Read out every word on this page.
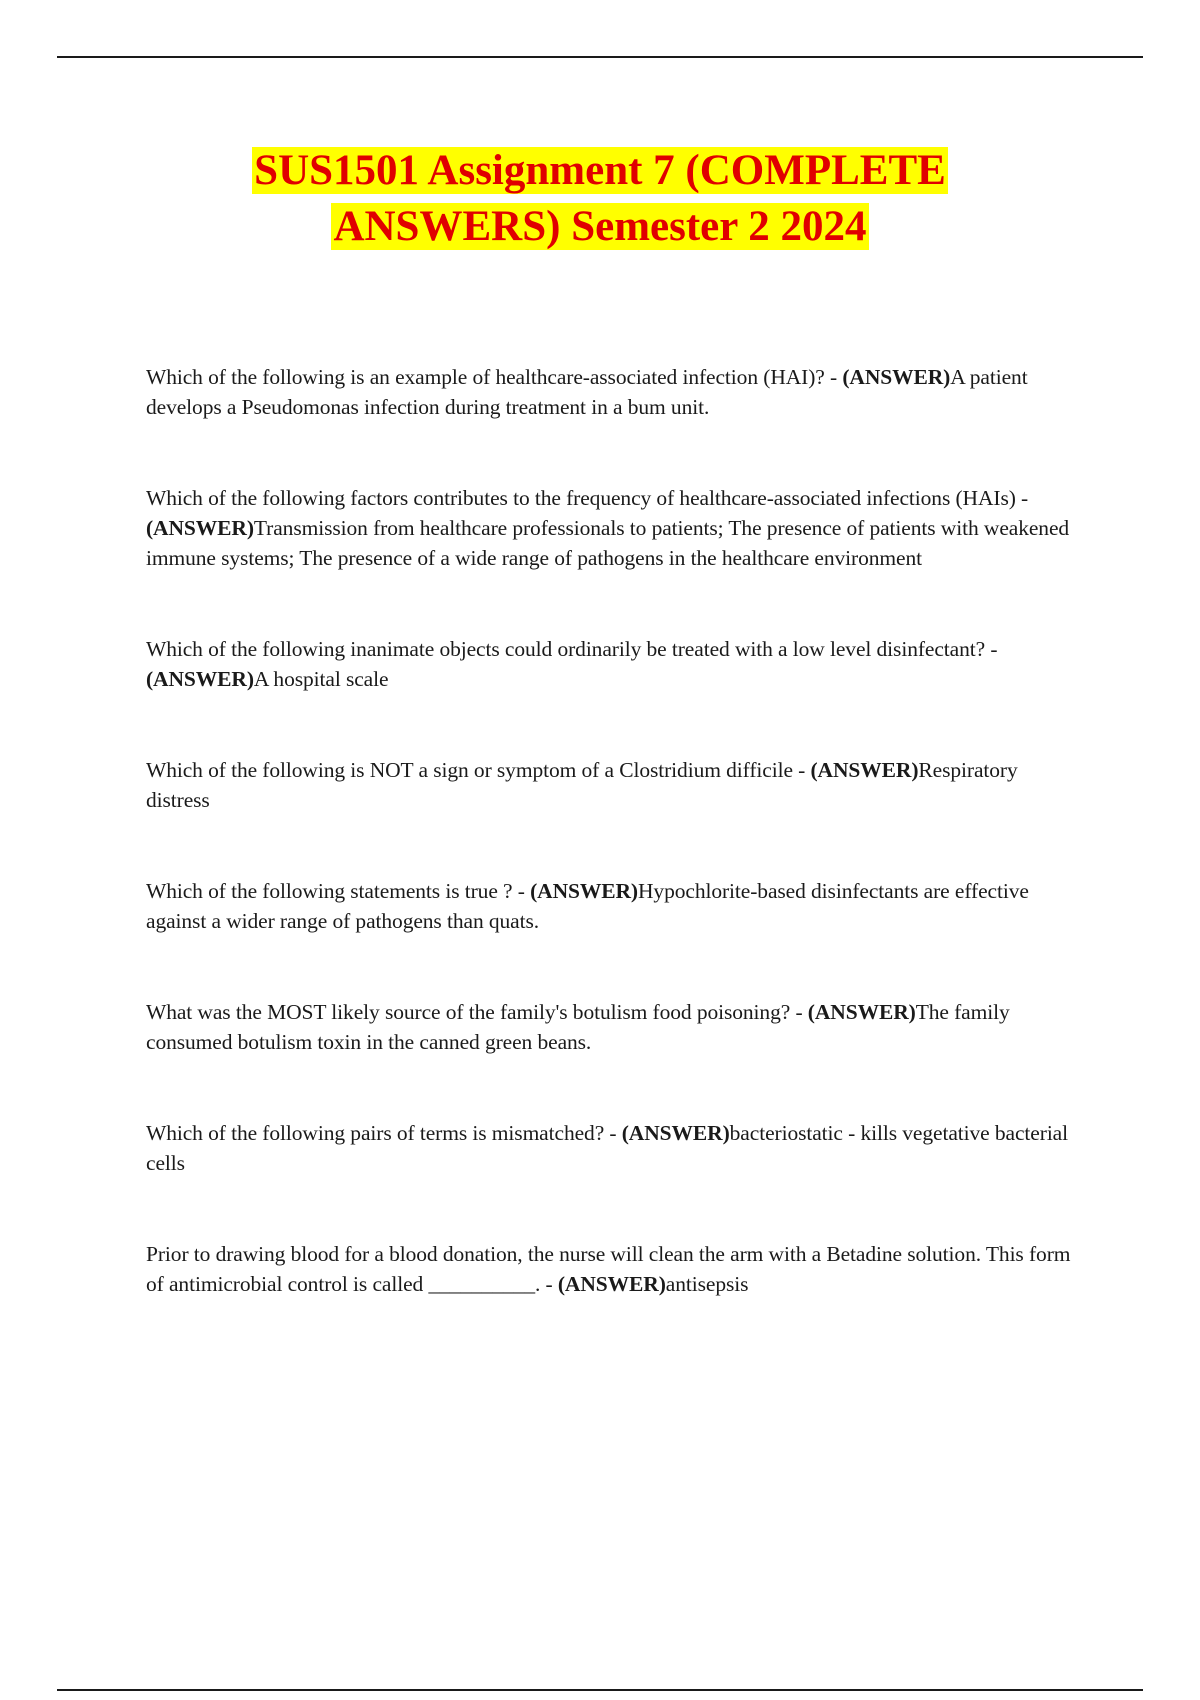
SUS1501 Assignment 7 (COMPLETE
ANSWERS) Semester 2 2024
Which of the following is an example of healthcare-associated infection (HAI)? - (ANSWER)A patient develops a Pseudomonas infection during treatment in a bum unit.
Which of the following factors contributes to the frequency of healthcare-associated infections (HAIs) - (ANSWER)Transmission from healthcare professionals to patients; The presence of patients with weakened immune systems; The presence of a wide range of pathogens in the healthcare environment
Which of the following inanimate objects could ordinarily be treated with a low level disinfectant? - (ANSWER)A hospital scale
Which of the following is NOT a sign or symptom of a Clostridium difficile - (ANSWER)Respiratory distress
Which of the following statements is true ? - (ANSWER)Hypochlorite-based disinfectants are effective against a wider range of pathogens than quats.
What was the MOST likely source of the family's botulism food poisoning? - (ANSWER)The family consumed botulism toxin in the canned green beans.
Which of the following pairs of terms is mismatched? - (ANSWER)bacteriostatic - kills vegetative bacterial cells
Prior to drawing blood for a blood donation, the nurse will clean the arm with a Betadine solution. This form of antimicrobial control is called __________. - (ANSWER)antisepsis
